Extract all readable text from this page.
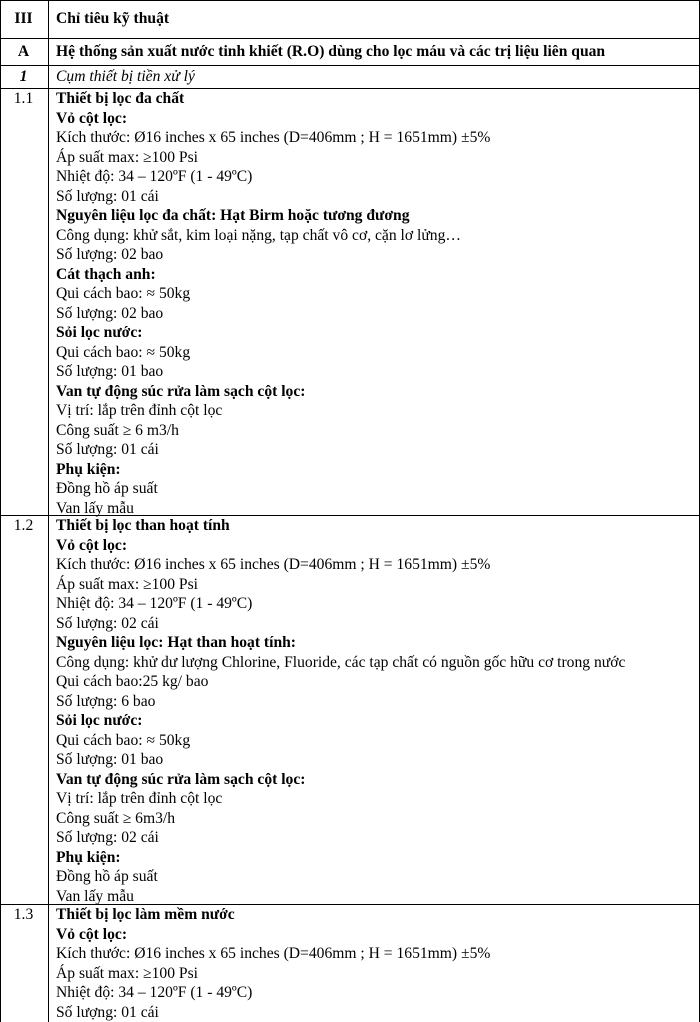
III	Chỉ tiêu kỹ thuật
A	Hệ thống sản xuất nước tinh khiết (R.O) dùng cho lọc máu và các trị liệu liên quan
1	Cụm thiết bị tiền xử lý
1.1	Thiết bị lọc đa chất
Vỏ cột lọc:
Kích thước: Ø16 inches x 65 inches (D=406mm ; H = 1651mm) ±5%
Áp suất max: ≥100 Psi
Nhiệt độ: 34 – 120ºF (1 - 49ºC)
Số lượng: 01 cái
Nguyên liệu lọc đa chất: Hạt Birm hoặc tương đương
Công dụng: khử sắt, kim loại nặng, tạp chất vô cơ, cặn lơ lửng…
Số lượng: 02 bao
Cát thạch anh:
Qui cách bao: ≈ 50kg
Số lượng: 02 bao
Sỏi lọc nước:
Qui cách bao: ≈ 50kg
Số lượng: 01 bao
Van tự động súc rửa làm sạch cột lọc:
Vị trí: lắp trên đỉnh cột lọc
Công suất ≥ 6 m3/h
Số lượng: 01 cái
Phụ kiện:
Đồng hồ áp suất
Van lấy mẫu
1.2	Thiết bị lọc than hoạt tính
Vỏ cột lọc:
Kích thước: Ø16 inches x 65 inches (D=406mm ; H = 1651mm) ±5%
Áp suất max: ≥100 Psi
Nhiệt độ: 34 – 120ºF (1 - 49ºC)
Số lượng: 02 cái
Nguyên liệu lọc: Hạt than hoạt tính:
Công dụng: khử dư lượng Chlorine, Fluoride, các tạp chất có nguồn gốc hữu cơ trong nước
Qui cách bao:25 kg/ bao
Số lượng: 6 bao
Sỏi lọc nước:
Qui cách bao: ≈ 50kg
Số lượng: 01 bao
Van tự động súc rửa làm sạch cột lọc:
Vị trí: lắp trên đỉnh cột lọc
Công suất ≥ 6m3/h
Số lượng: 02 cái
Phụ kiện:
Đồng hồ áp suất
Van lấy mẫu
1.3	Thiết bị lọc làm mềm nước
Vỏ cột lọc:
Kích thước: Ø16 inches x 65 inches (D=406mm ; H = 1651mm) ±5%
Áp suất max: ≥100 Psi
Nhiệt độ: 34 – 120ºF (1 - 49ºC)
Số lượng: 01 cái
